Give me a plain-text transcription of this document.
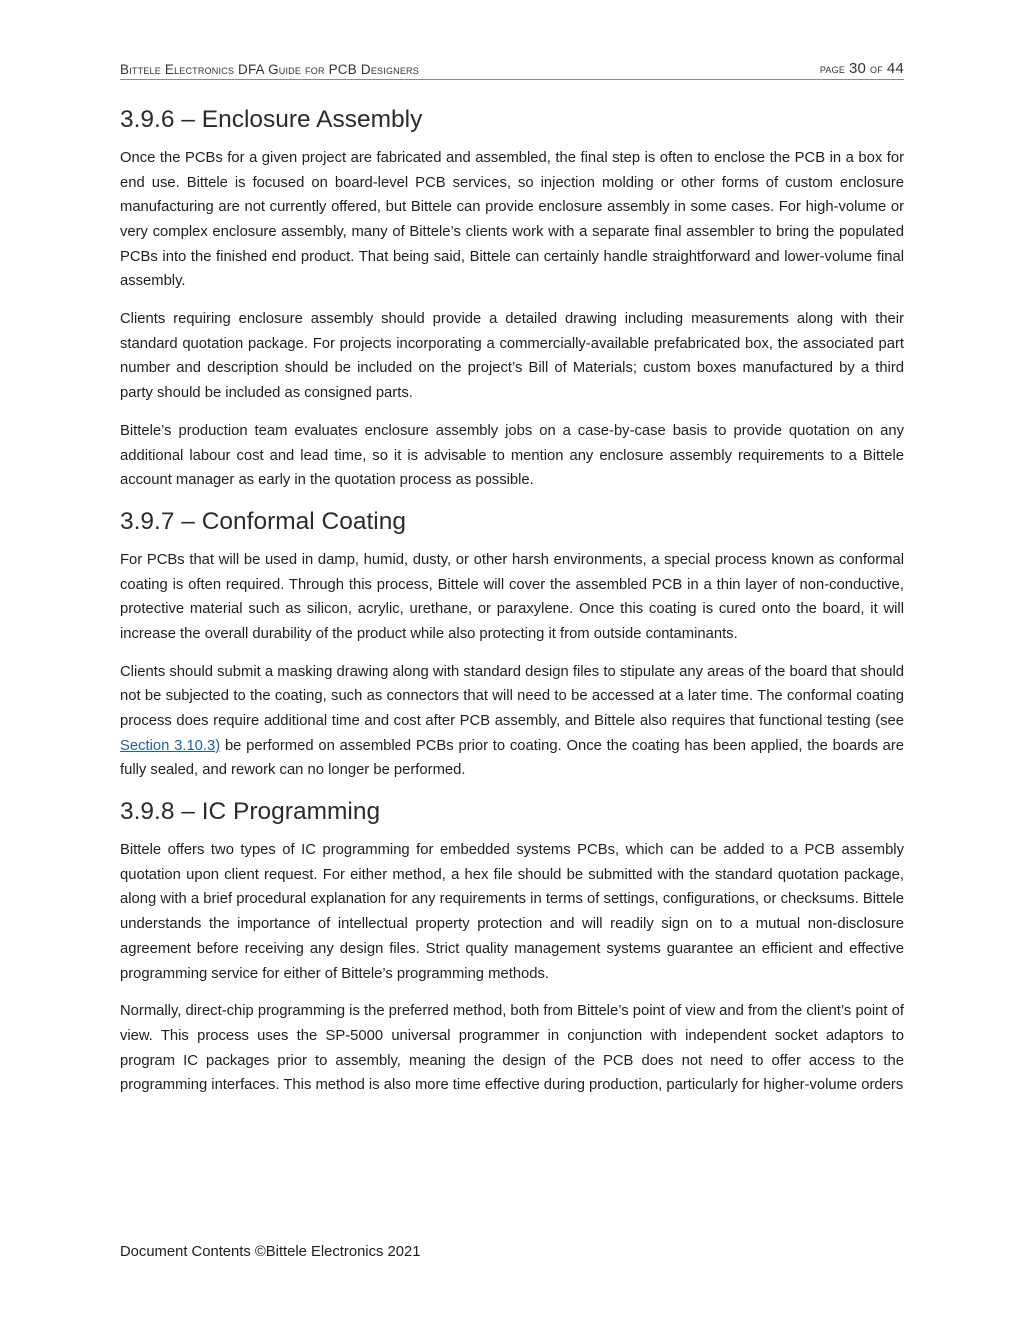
Bittele Electronics DFA Guide for PCB Designers	page 30 of 44
3.9.6 – Enclosure Assembly

Once the PCBs for a given project are fabricated and assembled, the final step is often to enclose the PCB in a box for end use. Bittele is focused on board-level PCB services, so injection molding or other forms of custom enclosure manufacturing are not currently offered, but Bittele can provide enclosure assembly in some cases. For high-volume or very complex enclosure assembly, many of Bittele’s clients work with a separate final assembler to bring the populated PCBs into the finished end product. That being said, Bittele can certainly handle straightforward and lower-volume final assembly.

Clients requiring enclosure assembly should provide a detailed drawing including measurements along with their standard quotation package. For projects incorporating a commercially-available prefabricated box, the associated part number and description should be included on the project’s Bill of Materials; custom boxes manufactured by a third party should be included as consigned parts.

Bittele’s production team evaluates enclosure assembly jobs on a case-by-case basis to provide quotation on any additional labour cost and lead time, so it is advisable to mention any enclosure assembly requirements to a Bittele account manager as early in the quotation process as possible.

3.9.7 – Conformal Coating

For PCBs that will be used in damp, humid, dusty, or other harsh environments, a special process known as conformal coating is often required. Through this process, Bittele will cover the assembled PCB in a thin layer of non-conductive, protective material such as silicon, acrylic, urethane, or paraxylene. Once this coating is cured onto the board, it will increase the overall durability of the product while also protecting it from outside contaminants.

Clients should submit a masking drawing along with standard design files to stipulate any areas of the board that should not be subjected to the coating, such as connectors that will need to be accessed at a later time. The conformal coating process does require additional time and cost after PCB assembly, and Bittele also requires that functional testing (see Section 3.10.3) be performed on assembled PCBs prior to coating. Once the coating has been applied, the boards are fully sealed, and rework can no longer be performed.

3.9.8 – IC Programming

Bittele offers two types of IC programming for embedded systems PCBs, which can be added to a PCB assembly quotation upon client request. For either method, a hex file should be submitted with the standard quotation package, along with a brief procedural explanation for any requirements in terms of settings, configurations, or checksums. Bittele understands the importance of intellectual property protection and will readily sign on to a mutual non-disclosure agreement before receiving any design files. Strict quality management systems guarantee an efficient and effective programming service for either of Bittele’s programming methods.

Normally, direct-chip programming is the preferred method, both from Bittele’s point of view and from the client’s point of view. This process uses the SP-5000 universal programmer in conjunction with independent socket adaptors to program IC packages prior to assembly, meaning the design of the PCB does not need to offer access to the programming interfaces. This method is also more time effective during production, particularly for higher-volume orders

Document Contents ©Bittele Electronics 2021
